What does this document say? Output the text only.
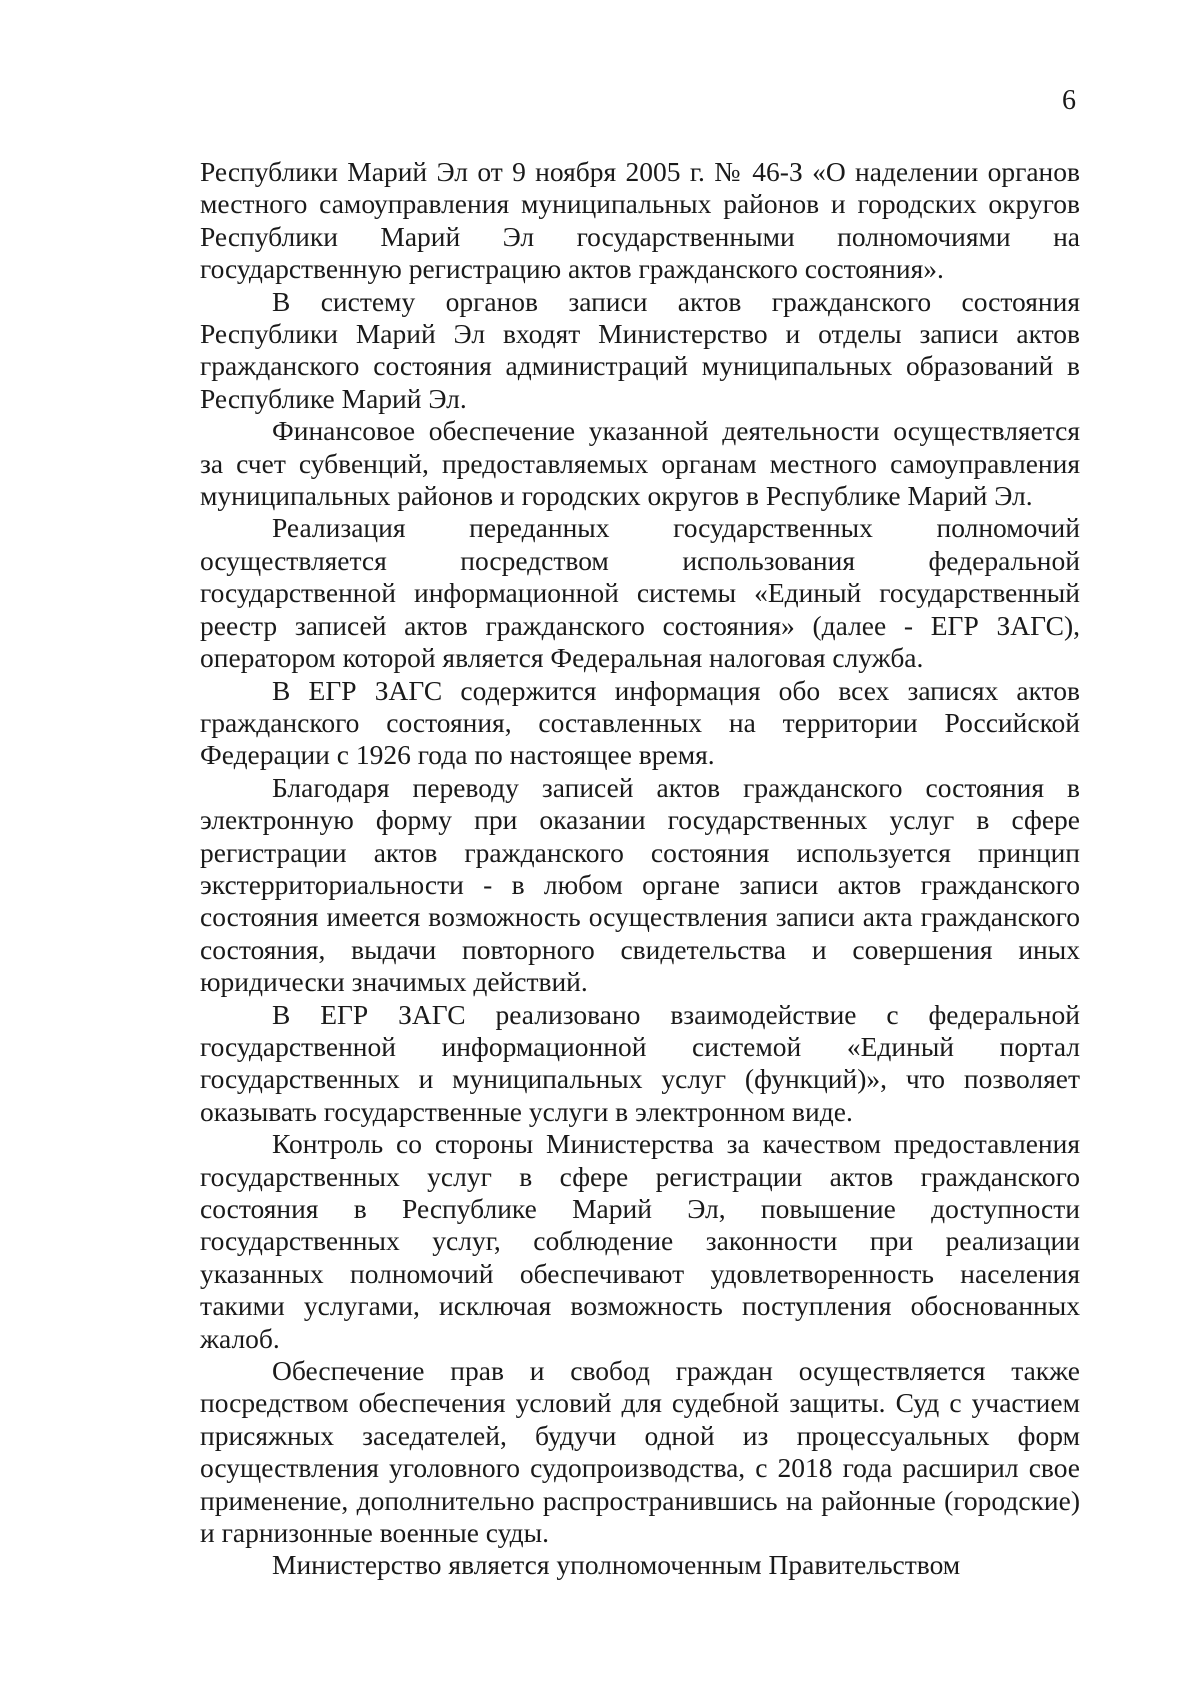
6

Республики Марий Эл от 9 ноября 2005 г. № 46-З «О наделении органов местного самоуправления муниципальных районов и городских округов Республики Марий Эл государственными полномочиями на государственную регистрацию актов гражданского состояния».

В систему органов записи актов гражданского состояния Республики Марий Эл входят Министерство и отделы записи актов гражданского состояния администраций муниципальных образований в Республике Марий Эл.

Финансовое обеспечение указанной деятельности осуществляется за счет субвенций, предоставляемых органам местного самоуправления муниципальных районов и городских округов в Республике Марий Эл.

Реализация переданных государственных полномочий осуществляется посредством использования федеральной государственной информационной системы «Единый государственный реестр записей актов гражданского состояния» (далее - ЕГР ЗАГС), оператором которой является Федеральная налоговая служба.

В ЕГР ЗАГС содержится информация обо всех записях актов гражданского состояния, составленных на территории Российской Федерации с 1926 года по настоящее время.

Благодаря переводу записей актов гражданского состояния в электронную форму при оказании государственных услуг в сфере регистрации актов гражданского состояния используется принцип экстерриториальности - в любом органе записи актов гражданского состояния имеется возможность осуществления записи акта гражданского состояния, выдачи повторного свидетельства и совершения иных юридически значимых действий.

В ЕГР ЗАГС реализовано взаимодействие с федеральной государственной информационной системой «Единый портал государственных и муниципальных услуг (функций)», что позволяет оказывать государственные услуги в электронном виде.

Контроль со стороны Министерства за качеством предоставления государственных услуг в сфере регистрации актов гражданского состояния в Республике Марий Эл, повышение доступности государственных услуг, соблюдение законности при реализации указанных полномочий обеспечивают удовлетворенность населения такими услугами, исключая возможность поступления обоснованных жалоб.

Обеспечение прав и свобод граждан осуществляется также посредством обеспечения условий для судебной защиты. Суд с участием присяжных заседателей, будучи одной из процессуальных форм осуществления уголовного судопроизводства, с 2018 года расширил свое применение, дополнительно распространившись на районные (городские) и гарнизонные военные суды.

Министерство является уполномоченным Правительством
